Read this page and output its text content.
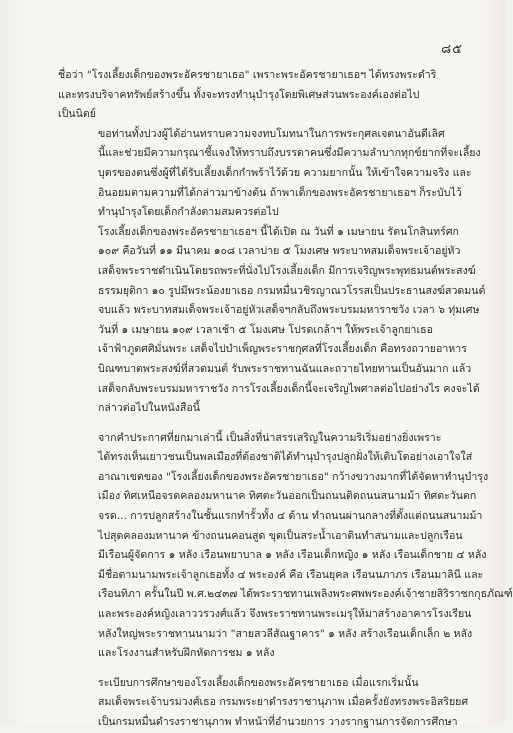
๘๕

ชื่อว่า "โรงเลี้ยงเด็กของพระอัครชายาเธอ" เพราะพระอัครชายาเธอฯ ได้ทรงพระดำริ
และทรงบริจาคทรัพย์สร้างขึ้น ทั้งจะทรงทำนุบำรุงโดยพิเศษส่วนพระองค์เองต่อไป
เป็นนิตย์

ขอท่านทั้งปวงผู้ได้อ่านทราบความจงทบโมทนาในการพระกุศลเจตนาอันดีเลิศ
นี้และช่วยมีความกรุณาชี้แจงให้ทราบถึงบรรดาคนซึ่งมีความลำบากทุกข์ยากที่จะเลี้ยง
บุตรของตนซึ่งผู้ที่ได้รับเลี้ยงเด็กกำพร้าไว้ด้วย ความยากนั้น ให้เข้าใจความจริง และ
อินอยมตามความที่ได้กล่าวมาข้างต้น ถ้าพาเด็กของพระอัครชายาเธอฯ ก็ระบับไว้
ทำนุบำรุงโดยเด็กกำลังตามสมควรต่อไป

โรงเลี้ยงเด็กของพระอัครชายาเธอฯ นี้ได้เปิด ณ วันที่ ๑ เมษายน รัตนโกสินทร์ศก
๑๐๙ คือวันที่ ๑๑ มีนาคม ๑๐๘ เวลาบ่าย ๕ โมงเศษ พระบาทสมเด็จพระเจ้าอยู่หัว
เสด็จพระราชดำเนินโดยรถพระที่นั่งไปโรงเลี้ยงเด็ก มีการเจริญพระพุทธมนต์พระสงฆ์
ธรรมยุติกา ๑๐ รูปมีพระน้องยาเธอ กรมหมื่นวชิรญาณวโรรสเป็นประธานสงฆ์สวดมนต์
จบแล้ว พระบาทสมเด็จพระเจ้าอยู่หัวเสด็จฯกลับถึงพระบรมมหาราชวัง เวลา ๖ ทุ่มเศษ

วันที่ ๑ เมษายน ๑๐๙ เวลาเช้า ๕ โมงเศษ โปรดเกล้าฯ ให้พระเจ้าลูกยาเธอ
เจ้าฟ้าภูตศศิมั่นพระ เสด็จไปบำเพ็ญพระราชกุศลที่โรงเลี้ยงเด็ก คือทรงถวายอาหาร
บิณฑบาตพระสงฆ์ที่สวดมนต์ รับพระราชทานฉันและถวายไทยทานเป็นอันมาก แล้ว
เสด็จกลับพระบรมมหาราชวัง การโรงเลี้ยงเด็กนี้จะเจริญไพศาลต่อไปอย่างไร คงจะได้
กล่าวต่อไปในหนังสือนี้

จากคำประกาศที่ยกมาเล่านี้ เป็นสิ่งที่น่าสรรเสริญในความริเริ่มอย่างยิ่งเพราะ
ได้ทรงเห็นเยาวชนเป็นพลเมืองที่ต้องชาติได้ทำนุบำรุงปลูกฝั่งให้เติบโตอย่างเอาใจใส่
อาณาเขตของ "โรงเลี้ยงเด็กของพระอัครชายาเธอ" กว้างขวางมากที่ได้จัดหาทำนุบำรุง
เมือง ทิศเหนือจรดคลองมหานาค ทิศตะวันออกเป็นถนนติดถนนสนามม้า ทิศตะวันตก
จรด... การปลูกสร้างในชั้นแรกทำรั้วทั้ง ๔ ด้าน ทำถนนผ่านกลางที่ตั้งแต่ถนนสนามม้า
ไปสุดคลองมหานาค ข้างถนนคอนสูด ขุดเป็นสระน้ำเอาดินทำสนามและปลูกเรือน
มีเรือนผู้จัดการ ๑ หลัง เรือนพยาบาล ๑ หลัง เรือนเด็กหญิง ๑ หลัง เรือนเด็กชาย ๔ หลัง
มีชื่อตามนามพระเจ้าลูกเธอทั้ง ๔ พระองค์ คือ เรือนยุคล เรือนนภาภร เรือนมาลินี และ
เรือนทิภา ครั้นในปี พ.ศ.๒๔๓๗ ได้พระราชทานเพลิงพระศพพระองค์เจ้าชายสิริราชกกุธภัณฑ์
และพระองค์หญิงเลาววรวงศ์แล้ว จึงพระราชทานพระเมรุให้มาสร้างอาคารโรงเรียน
หลังใหญ่พระราชทานนามว่า "สายสวลีสัณฐาคาร" ๑ หลัง สร้างเรือนเด็กเล็ก ๒ หลัง
และโรงงานสำหรับฝึกหัดการชม ๑ หลัง

ระเบียบการศึกษาของโรงเลี้ยงเด็กของพระอัครชายาเธอ เมื่อแรกเริ่มนั้น
สมเด็จพระเจ้าบรมวงศ์เธอ กรมพระยาดำรงราชานุภาพ เมื่อครั้งยังทรงพระอิสริยยศ
เป็นกรมหมื่นดำรงราชานุภาพ ทำหน้าที่อำนวยการ วางรากฐานการจัดการศึกษา
